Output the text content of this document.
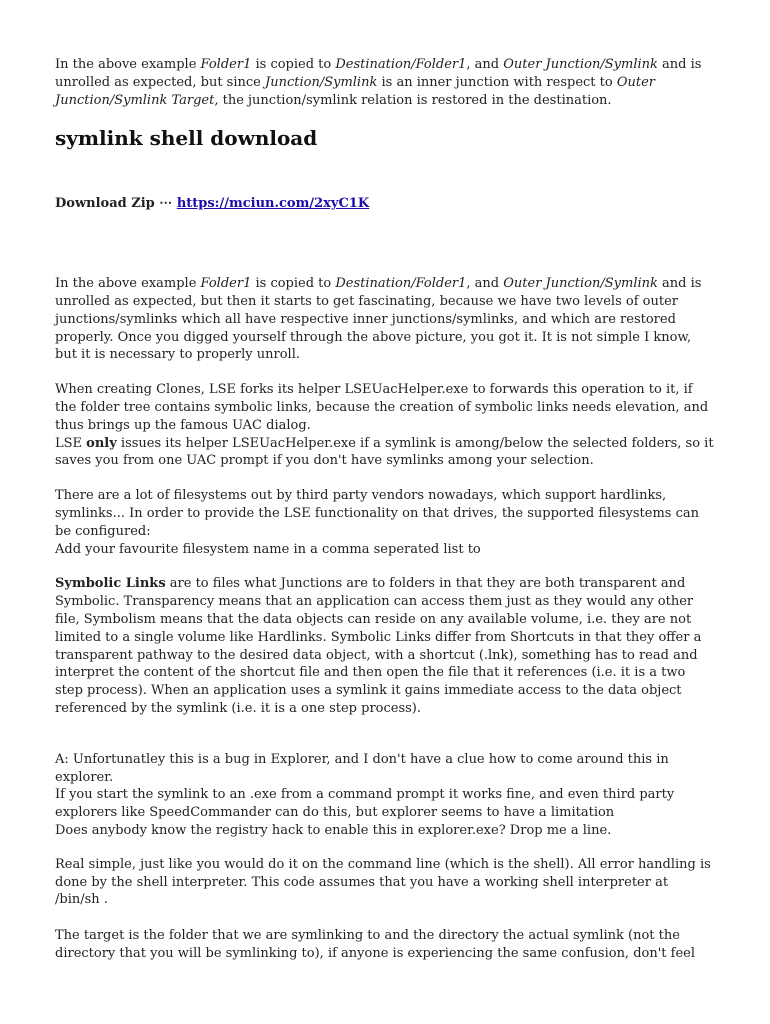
In the above example Folder1 is copied to Destination/Folder1, and Outer Junction/Symlink and is unrolled as expected, but since Junction/Symlink is an inner junction with respect to Outer Junction/Symlink Target, the junction/symlink relation is restored in the destination.

symlink shell download

Download Zip ⋯ https://mciun.com/2xyC1K

In the above example Folder1 is copied to Destination/Folder1, and Outer Junction/Symlink and is unrolled as expected, but then it starts to get fascinating, because we have two levels of outer junctions/symlinks which all have respective inner junctions/symlinks, and which are restored properly. Once you digged yourself through the above picture, you got it. It is not simple I know, but it is necessary to properly unroll.

When creating Clones, LSE forks its helper LSEUacHelper.exe to forwards this operation to it, if the folder tree contains symbolic links, because the creation of symbolic links needs elevation, and thus brings up the famous UAC dialog.
LSE only issues its helper LSEUacHelper.exe if a symlink is among/below the selected folders, so it saves you from one UAC prompt if you don't have symlinks among your selection.

There are a lot of filesystems out by third party vendors nowadays, which support hardlinks, symlinks... In order to provide the LSE functionality on that drives, the supported filesystems can be configured:
Add your favourite filesystem name in a comma seperated list to

Symbolic Links are to files what Junctions are to folders in that they are both transparent and Symbolic. Transparency means that an application can access them just as they would any other file, Symbolism means that the data objects can reside on any available volume, i.e. they are not limited to a single volume like Hardlinks. Symbolic Links differ from Shortcuts in that they offer a transparent pathway to the desired data object, with a shortcut (.lnk), something has to read and interpret the content of the shortcut file and then open the file that it references (i.e. it is a two step process). When an application uses a symlink it gains immediate access to the data object referenced by the symlink (i.e. it is a one step process).

A: Unfortunatley this is a bug in Explorer, and I don't have a clue how to come around this in explorer.
If you start the symlink to an .exe from a command prompt it works fine, and even third party explorers like SpeedCommander can do this, but explorer seems to have a limitation
Does anybody know the registry hack to enable this in explorer.exe? Drop me a line.

Real simple, just like you would do it on the command line (which is the shell). All error handling is done by the shell interpreter. This code assumes that you have a working shell interpreter at /bin/sh .

The target is the folder that we are symlinking to and the directory the actual symlink (not the directory that you will be symlinking to), if anyone is experiencing the same confusion, don't feel
